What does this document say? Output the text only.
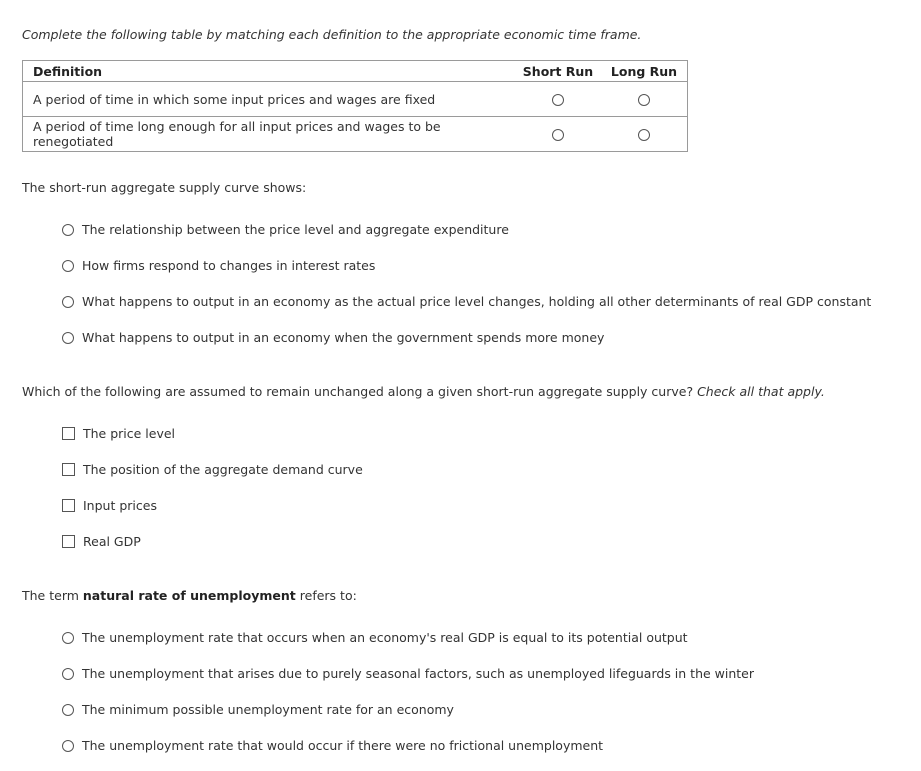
Complete the following table by matching each definition to the appropriate economic time frame.
Definition	Short Run	Long Run
A period of time in which some input prices and wages are fixed		
A period of time long enough for all input prices and wages to be renegotiated		
The short-run aggregate supply curve shows:
The relationship between the price level and aggregate expenditure
How firms respond to changes in interest rates
What happens to output in an economy as the actual price level changes, holding all other determinants of real GDP constant
What happens to output in an economy when the government spends more money
Which of the following are assumed to remain unchanged along a given short-run aggregate supply curve? Check all that apply.
The price level
The position of the aggregate demand curve
Input prices
Real GDP
The term natural rate of unemployment refers to:
The unemployment rate that occurs when an economy's real GDP is equal to its potential output
The unemployment that arises due to purely seasonal factors, such as unemployed lifeguards in the winter
The minimum possible unemployment rate for an economy
The unemployment rate that would occur if there were no frictional unemployment
